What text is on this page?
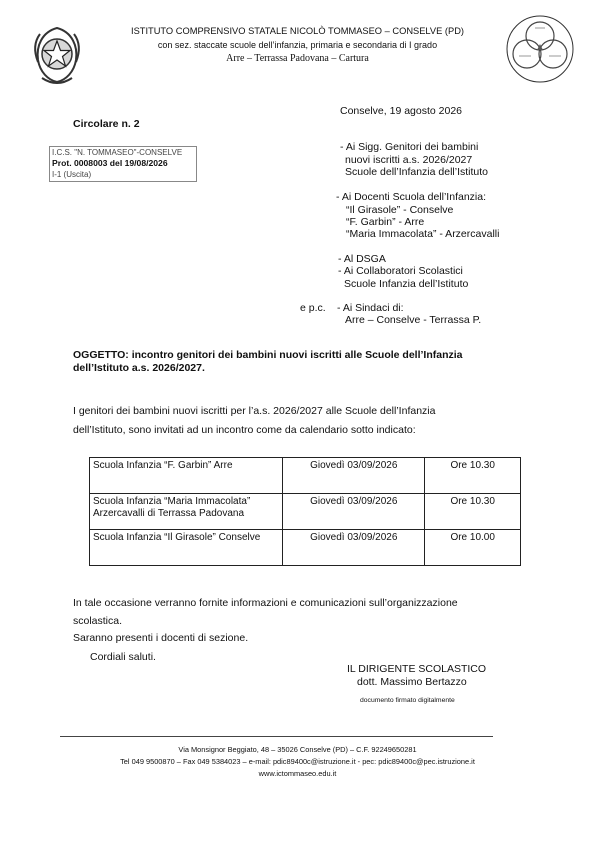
ISTITUTO COMPRENSIVO STATALE NICOLÒ TOMMASEO – CONSELVE (PD)
con sez. staccate scuole dell’infanzia, primaria e secondaria di I grado
Arre – Terrassa Padovana – Cartura
Conselve, 19 agosto 2026
Circolare n. 2
I.C.S. "N. TOMMASEO"-CONSELVE
Prot. 0008003 del 19/08/2026
I-1 (Uscita)
- Ai Sigg. Genitori dei bambini
nuovi iscritti a.s. 2026/2027
Scuole dell’Infanzia dell’Istituto
- Ai Docenti Scuola dell’Infanzia:
“Il Girasole” - Conselve
“F. Garbin” - Arre
“Maria Immacolata” - Arzercavalli
- Al DSGA
- Ai Collaboratori Scolastici
Scuole Infanzia dell’Istituto
e p.c. - Ai Sindaci di:
Arre – Conselve - Terrassa P.
OGGETTO: incontro genitori dei bambini nuovi iscritti alle Scuole dell’Infanzia
dell’Istituto a.s. 2026/2027.
I genitori dei bambini nuovi iscritti per l’a.s. 2026/2027 alle Scuole dell’Infanzia
dell’Istituto, sono invitati ad un incontro come da calendario sotto indicato:
Scuola Infanzia “F. Garbin” Arre	Giovedì 03/09/2026	Ore 10.30

Scuola Infanzia “Maria Immacolata”
Arzercavalli di Terrassa Padovana	Giovedì 03/09/2026	Ore 10.30
Scuola Infanzia “Il Girasole” Conselve	Giovedì 03/09/2026	Ore 10.00
In tale occasione verranno fornite informazioni e comunicazioni sull’organizzazione
scolastica.
Saranno presenti i docenti di sezione.
Cordiali saluti.
IL DIRIGENTE SCOLASTICO
dott. Massimo Bertazzo
documento firmato digitalmente
Via Monsignor Beggiato, 48 – 35026 Conselve (PD) – C.F. 92249650281
Tel 049 9500870 – Fax 049 5384023 – e-mail: pdic89400c@istruzione.it - pec: pdic89400c@pec.istruzione.it
www.ictommaseo.edu.it
